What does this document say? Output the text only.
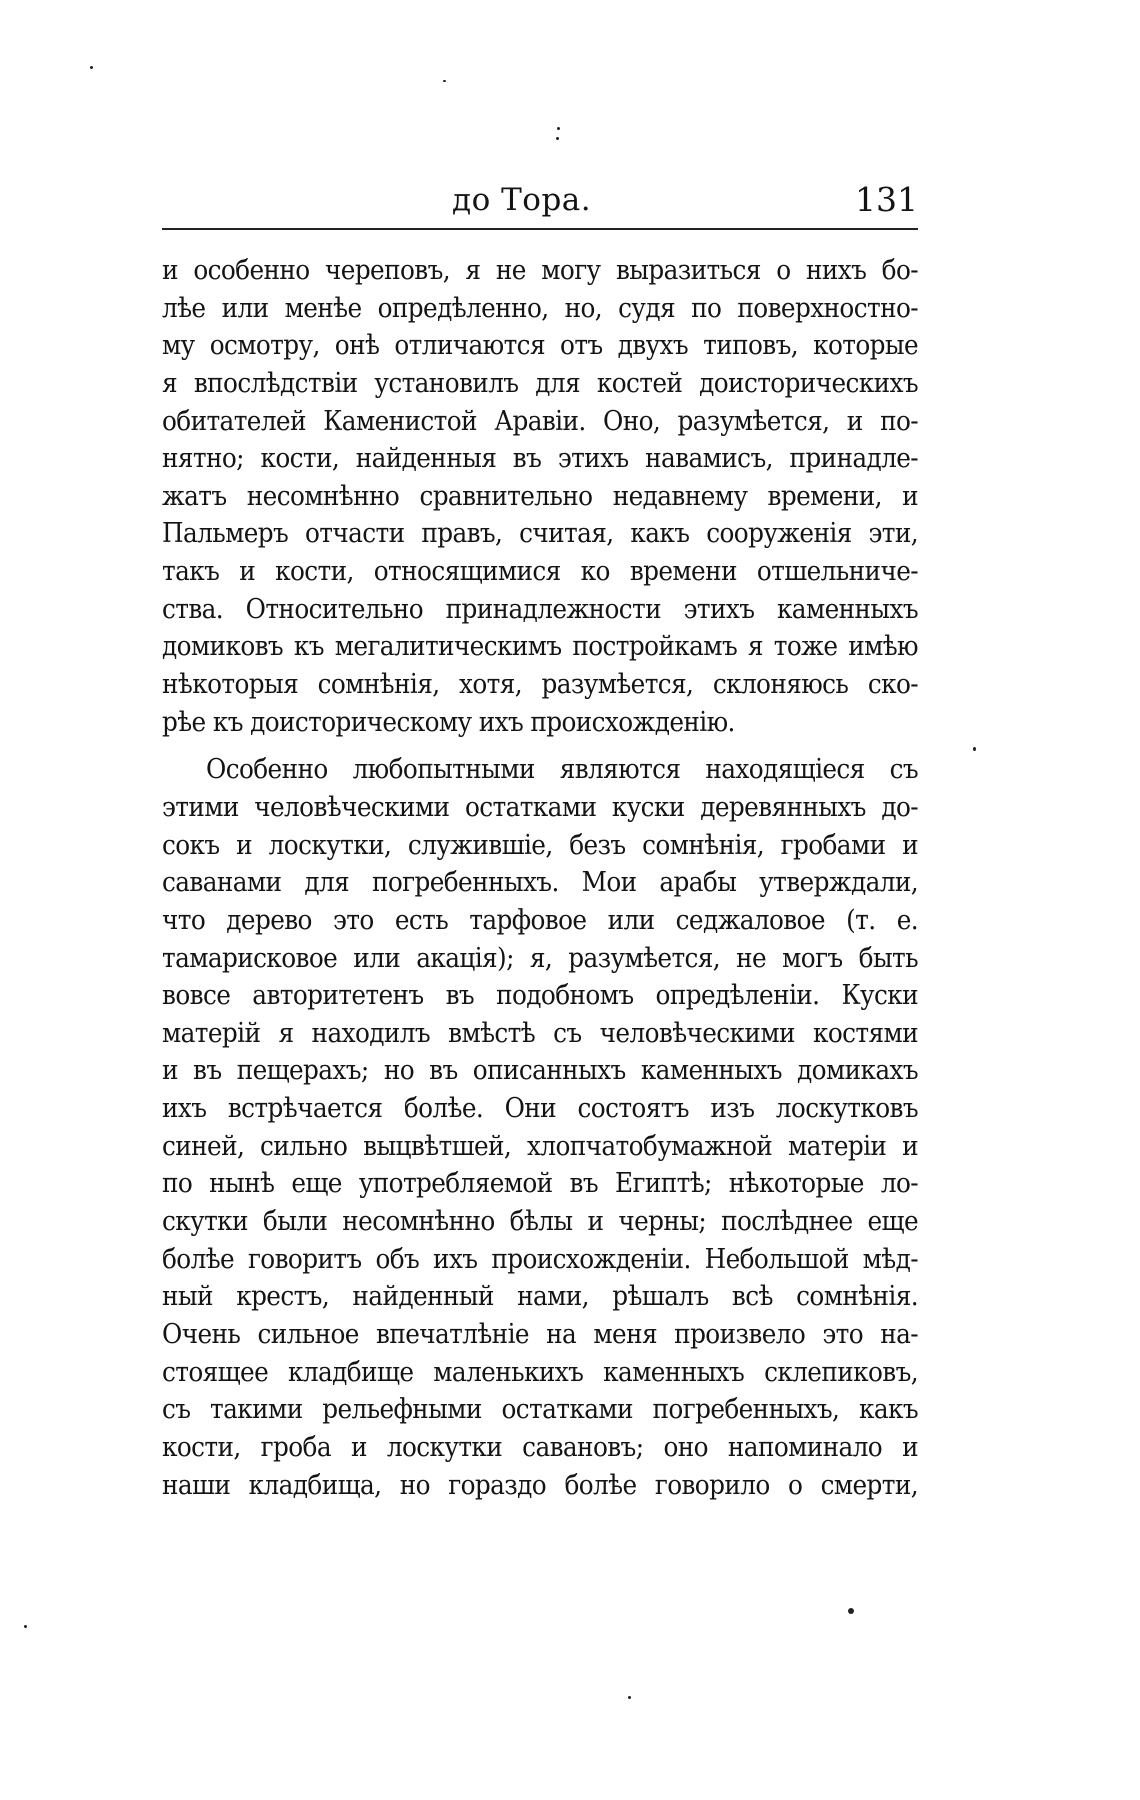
до Тора.	131
и особенно череповъ, я не могу выразиться о нихъ бо-
лѣе или менѣе опредѣленно, но, судя по поверхностно-
му осмотру, онѣ отличаются отъ двухъ типовъ, которые
я впослѣдствіи установилъ для костей доисторическихъ
обитателей Каменистой Аравіи. Оно, разумѣется, и по-
нятно; кости, найденныя въ этихъ навамисъ, принадле-
жатъ несомнѣнно сравнительно недавнему времени, и
Пальмеръ отчасти правъ, считая, какъ сооруженія эти,
такъ и кости, относящимися ко времени отшельниче-
ства. Относительно принадлежности этихъ каменныхъ
домиковъ къ мегалитическимъ постройкамъ я тоже имѣю
нѣкоторыя сомнѣнія, хотя, разумѣется, склоняюсь ско-
рѣе къ доисторическому ихъ происхожденію.
Особенно любопытными являются находящіеся съ
этими человѣческими остатками куски деревянныхъ до-
сокъ и лоскутки, служившіе, безъ сомнѣнія, гробами и
саванами для погребенныхъ. Мои арабы утверждали,
что дерево это есть тарфовое или седжаловое (т. е.
тамарисковое или акація); я, разумѣется, не могъ быть
вовсе авторитетенъ въ подобномъ опредѣленіи. Куски
матерій я находилъ вмѣстѣ съ человѣческими костями
и въ пещерахъ; но въ описанныхъ каменныхъ домикахъ
ихъ встрѣчается болѣе. Они состоятъ изъ лоскутковъ
синей, сильно выцвѣтшей, хлопчатобумажной матеріи и
по нынѣ еще употребляемой въ Египтѣ; нѣкоторые ло-
скутки были несомнѣнно бѣлы и черны; послѣднее еще
болѣе говоритъ объ ихъ происхожденіи. Небольшой мѣд-
ный крестъ, найденный нами, рѣшалъ всѣ сомнѣнія.
Очень сильное впечатлѣніе на меня произвело это на-
стоящее кладбище маленькихъ каменныхъ склепиковъ,
съ такими рельефными остатками погребенныхъ, какъ
кости, гроба и лоскутки савановъ; оно напоминало и
наши кладбища, но гораздо болѣе говорило о смерти,
